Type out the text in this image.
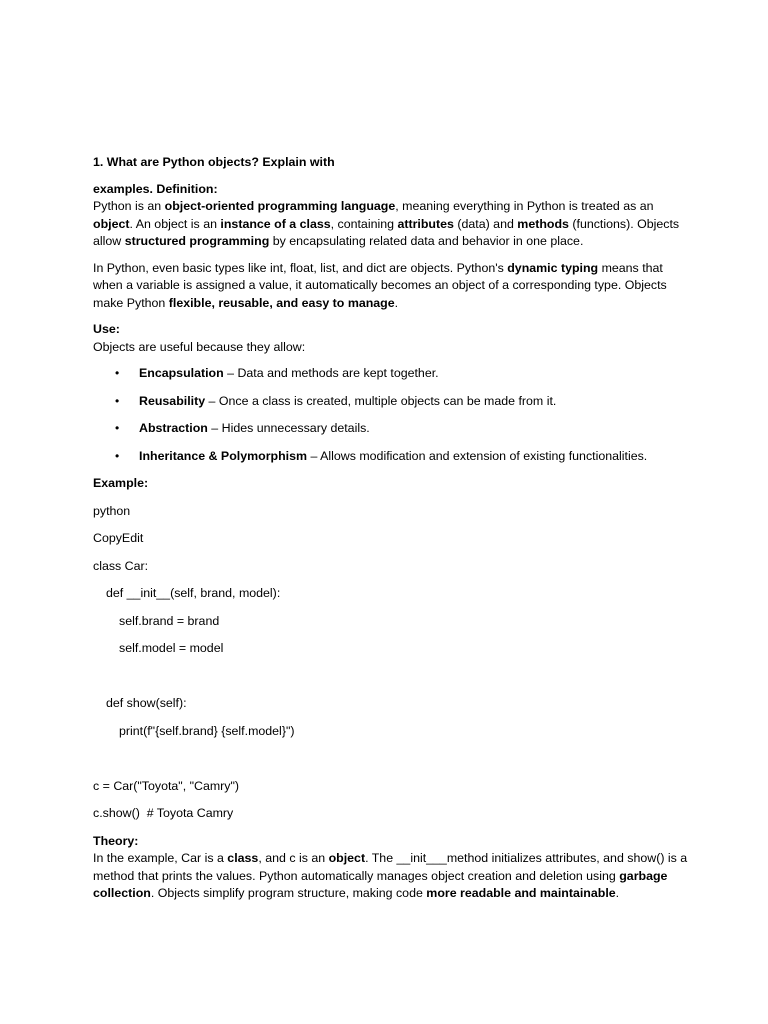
1. What are Python objects? Explain with

examples. Definition:

Python is an object-oriented programming language, meaning everything in Python is treated as an object. An object is an instance of a class, containing attributes (data) and methods (functions). Objects allow structured programming by encapsulating related data and behavior in one place.

In Python, even basic types like int, float, list, and dict are objects. Python's dynamic typing means that when a variable is assigned a value, it automatically becomes an object of a corresponding type. Objects make Python flexible, reusable, and easy to manage.

Use:

Objects are useful because they allow:

• Encapsulation – Data and methods are kept together.
• Reusability – Once a class is created, multiple objects can be made from it.
• Abstraction – Hides unnecessary details.
• Inheritance & Polymorphism – Allows modification and extension of existing functionalities.

Example:

python

CopyEdit

class Car:

def __init__(self, brand, model):

self.brand = brand

self.model = model

def show(self):

print(f"{self.brand} {self.model}")

c = Car("Toyota", "Camry")

c.show()  # Toyota Camry

Theory:

In the example, Car is a class, and c is an object. The __init___method initializes attributes, and show() is a method that prints the values. Python automatically manages object creation and deletion using garbage collection. Objects simplify program structure, making code more readable and maintainable.
